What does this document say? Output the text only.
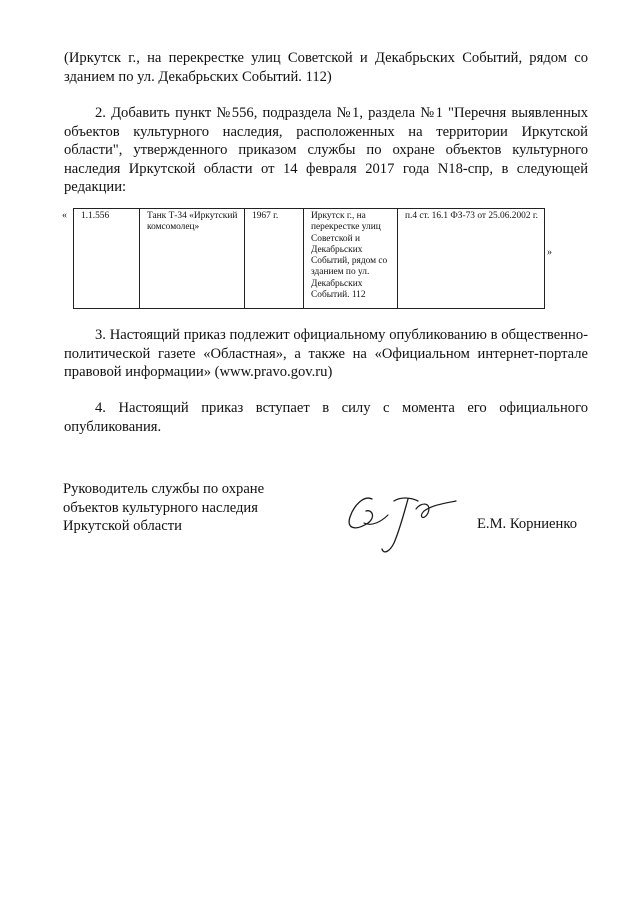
(Иркутск г., на перекрестке улиц Советской и Декабрьских Событий, рядом со зданием по ул. Декабрьских Событий. 112)

2. Добавить пункт №556, подраздела №1, раздела №1 "Перечня выявленных объектов культурного наследия, расположенных на территории Иркутской области", утвержденного приказом службы по охране объектов культурного наследия Иркутской области от 14 февраля 2017 года N18-спр, в следующей редакции:

« 1.1.556	Танк Т-34 «Иркутский комсомолец»	1967 г.	Иркутск г., на перекрестке улиц Советской и Декабрьских Событий, рядом со зданием по ул. Декабрьских Событий. 112	п.4 ст. 16.1 ФЗ-73 от 25.06.2002 г.
»

3. Настоящий приказ подлежит официальному опубликованию в общественно-политической газете «Областная», а также на «Официальном интернет-портале правовой информации» (www.pravo.gov.ru)

4. Настоящий приказ вступает в силу с момента его официального опубликования.

Руководитель службы по охране
объектов культурного наследия
Иркутской области	Е.М. Корниенко
